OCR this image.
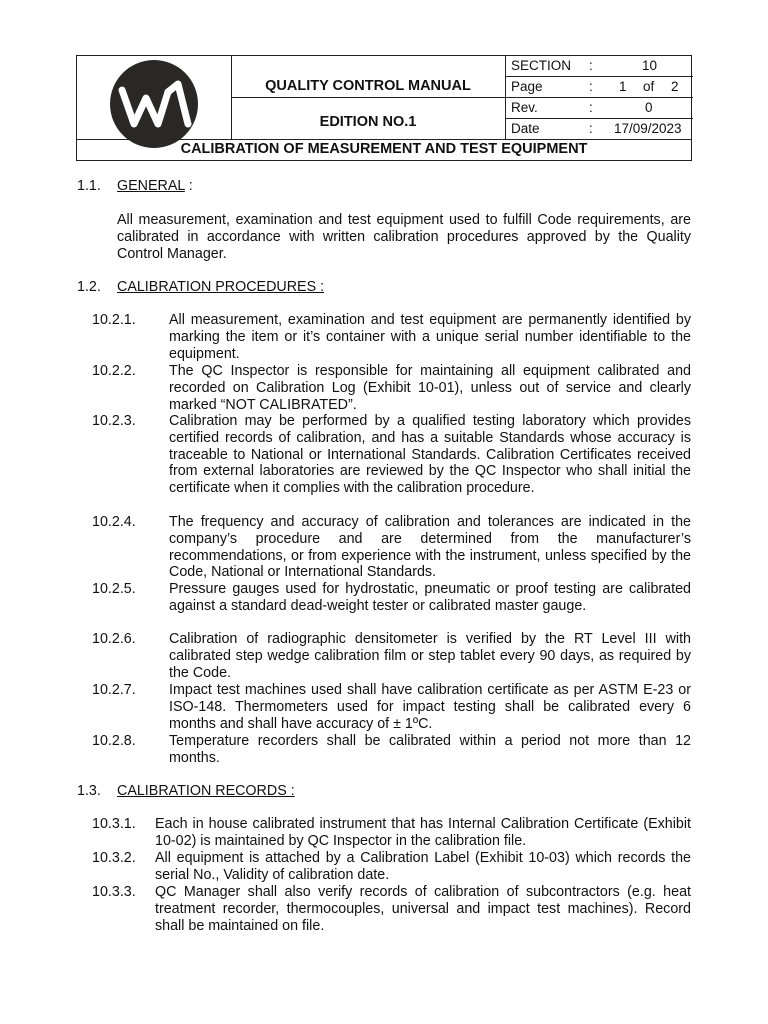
QUALITY CONTROL MANUAL
EDITION NO.1
SECTION :	10
Page	: 1 of 2
Rev.	:	0
Date	: 17/09/2023
CALIBRATION OF MEASUREMENT AND TEST EQUIPMENT
1.1. GENERAL :
All measurement, examination and test equipment used to fulfill Code requirements, are calibrated in accordance with written calibration procedures approved by the Quality Control Manager.
1.2. CALIBRATION PROCEDURES :
10.2.1. All measurement, examination and test equipment are permanently identified by marking the item or it’s container with a unique serial number identifiable to the equipment.
10.2.2. The QC Inspector is responsible for maintaining all equipment calibrated and recorded on Calibration Log (Exhibit 10-01), unless out of service and clearly marked “NOT CALIBRATED”.
10.2.3. Calibration may be performed by a qualified testing laboratory which provides certified records of calibration, and has a suitable Standards whose accuracy is traceable to National or International Standards. Calibration Certificates received from external laboratories are reviewed by the QC Inspector who shall initial the certificate when it complies with the calibration procedure.
10.2.4. The frequency and accuracy of calibration and tolerances are indicated in the company’s procedure and are determined from the manufacturer’s recommendations, or from experience with the instrument, unless specified by the Code, National or International Standards.
10.2.5. Pressure gauges used for hydrostatic, pneumatic or proof testing are calibrated against a standard dead-weight tester or calibrated master gauge.
10.2.6. Calibration of radiographic densitometer is verified by the RT Level III with calibrated step wedge calibration film or step tablet every 90 days, as required by the Code.
10.2.7. Impact test machines used shall have calibration certificate as per ASTM E-23 or ISO-148. Thermometers used for impact testing shall be calibrated every 6 months and shall have accuracy of ± 1ºC.
10.2.8. Temperature recorders shall be calibrated within a period not more than 12 months.
1.3. CALIBRATION RECORDS :
10.3.1. Each in house calibrated instrument that has Internal Calibration Certificate (Exhibit 10-02) is maintained by QC Inspector in the calibration file.
10.3.2. All equipment is attached by a Calibration Label (Exhibit 10-03) which records the serial No., Validity of calibration date.
10.3.3. QC Manager shall also verify records of calibration of subcontractors (e.g. heat treatment recorder, thermocouples, universal and impact test machines). Record shall be maintained on file.
